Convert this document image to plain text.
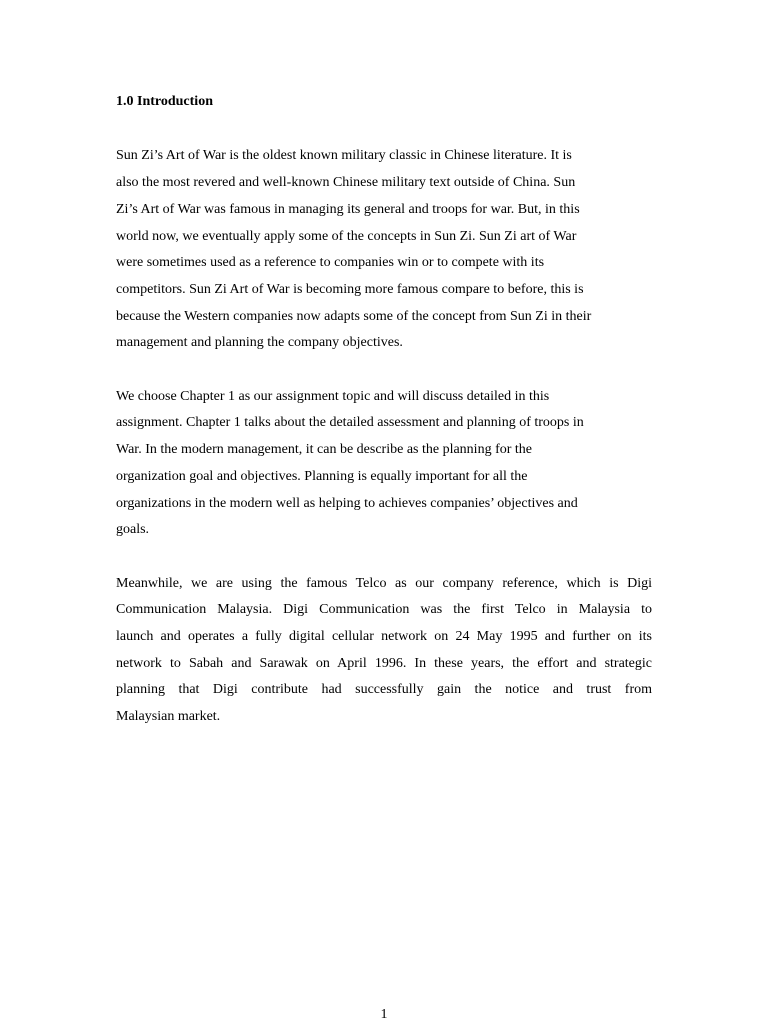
1.0 Introduction

Sun Zi’s Art of War is the oldest known military classic in Chinese literature. It is

also the most revered and well-known Chinese military text outside of China. Sun

Zi’s Art of War was famous in managing its general and troops for war. But, in this

world now, we eventually apply some of the concepts in Sun Zi. Sun Zi art of War

were sometimes used as a reference to companies win or to compete with its

competitors. Sun Zi Art of War is becoming more famous compare to before, this is

because the Western companies now adapts some of the concept from Sun Zi in their

management and planning the company objectives.

We choose Chapter 1 as our assignment topic and will discuss detailed in this

assignment. Chapter 1 talks about the detailed assessment and planning of troops in

War. In the modern management, it can be describe as the planning for the

organization goal and objectives. Planning is equally important for all the

organizations in the modern well as helping to achieves companies’ objectives and

goals.

Meanwhile, we are using the famous Telco as our company reference, which is Digi

Communication Malaysia. Digi Communication was the first Telco in Malaysia to

launch and operates a fully digital cellular network on 24 May 1995 and further on its

network to Sabah and Sarawak on April 1996. In these years, the effort and strategic

planning that Digi contribute had successfully gain the notice and trust from

Malaysian market.

1
